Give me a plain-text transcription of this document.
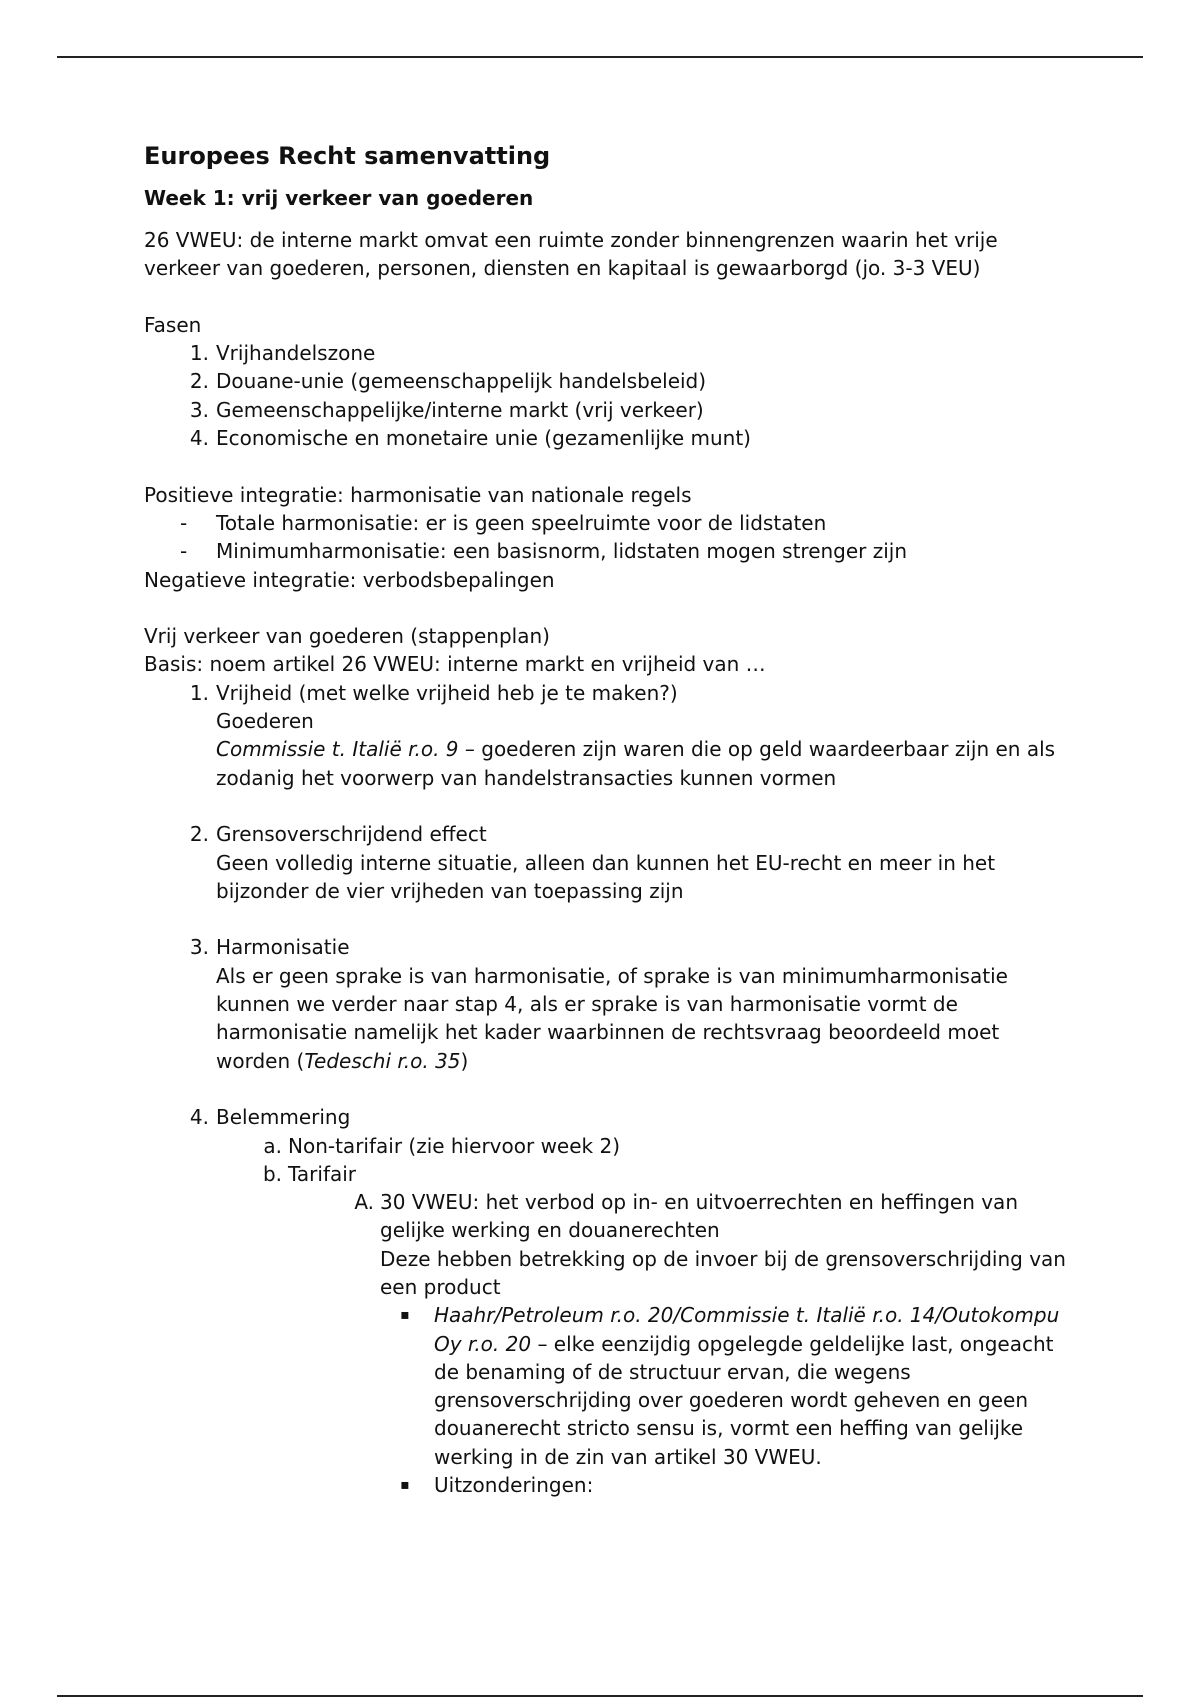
Europees Recht samenvatting
Week 1: vrij verkeer van goederen

26 VWEU: de interne markt omvat een ruimte zonder binnengrenzen waarin het vrije verkeer van goederen, personen, diensten en kapitaal is gewaarborgd (jo. 3-3 VEU)

Fasen

1. Vrijhandelszone
2. Douane-unie (gemeenschappelijk handelsbeleid)
3. Gemeenschappelijke/interne markt (vrij verkeer)
4. Economische en monetaire unie (gezamenlijke munt)

Positieve integratie: harmonisatie van nationale regels

-	Totale harmonisatie: er is geen speelruimte voor de lidstaten
-	Minimumharmonisatie: een basisnorm, lidstaten mogen strenger zijn

Negatieve integratie: verbodsbepalingen

Vrij verkeer van goederen (stappenplan)

Basis: noem artikel 26 VWEU: interne markt en vrijheid van …

1. Vrijheid (met welke vrijheid heb je te maken?)
Goederen
Commissie t. Italië r.o. 9 – goederen zijn waren die op geld waardeerbaar zijn en als zodanig het voorwerp van handelstransacties kunnen vormen
2. Grensoverschrijdend effect
Geen volledig interne situatie, alleen dan kunnen het EU-recht en meer in het bijzonder de vier vrijheden van toepassing zijn
3. Harmonisatie
Als er geen sprake is van harmonisatie, of sprake is van minimumharmonisatie kunnen we verder naar stap 4, als er sprake is van harmonisatie vormt de harmonisatie namelijk het kader waarbinnen de rechtsvraag beoordeeld moet worden (Tedeschi r.o. 35)
4. Belemmering
a. Non-tarifair (zie hiervoor week 2)
b. Tarifair
A. 30 VWEU: het verbod op in- en uitvoerrechten en heffingen van gelijke werking en douanerechten
Deze hebben betrekking op de invoer bij de grensoverschrijding van een product
▪ Haahr/Petroleum r.o. 20/Commissie t. Italië r.o. 14/Outokompu Oy r.o. 20 – elke eenzijdig opgelegde geldelijke last, ongeacht de benaming of de structuur ervan, die wegens grensoverschrijding over goederen wordt geheven en geen douanerecht stricto sensu is, vormt een heffing van gelijke werking in de zin van artikel 30 VWEU.
▪ Uitzonderingen:
